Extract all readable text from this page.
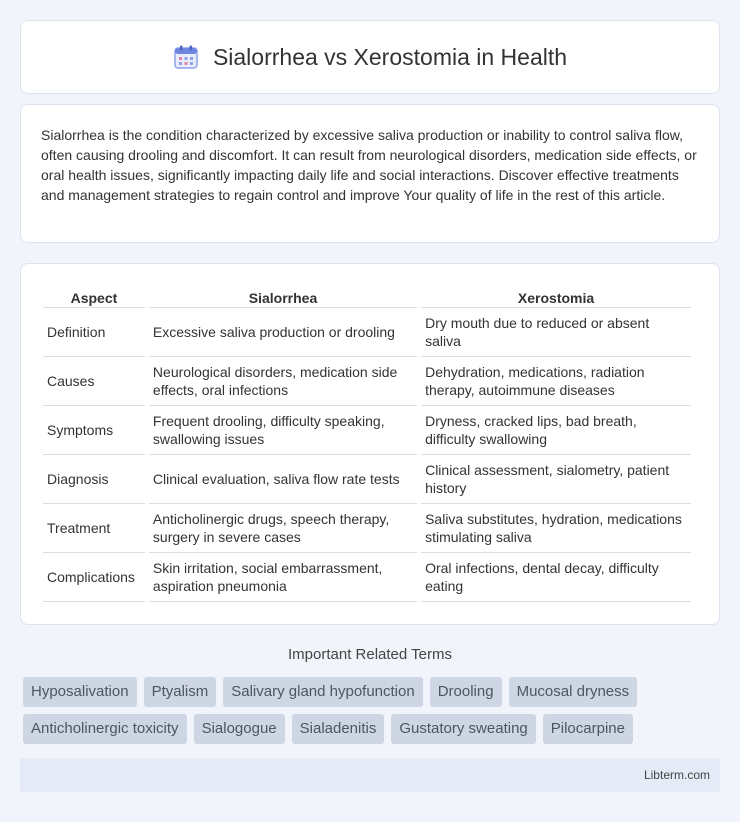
Sialorrhea vs Xerostomia in Health

Sialorrhea is the condition characterized by excessive saliva production or inability to control saliva flow, often causing drooling and discomfort. It can result from neurological disorders, medication side effects, or oral health issues, significantly impacting daily life and social interactions. Discover effective treatments and management strategies to regain control and improve Your quality of life in the rest of this article.

Aspect	Sialorrhea	Xerostomia
Definition	Excessive saliva production or drooling	Dry mouth due to reduced or absent saliva
Causes	Neurological disorders, medication side effects, oral infections	Dehydration, medications, radiation therapy, autoimmune diseases
Symptoms	Frequent drooling, difficulty speaking, swallowing issues	Dryness, cracked lips, bad breath, difficulty swallowing
Diagnosis	Clinical evaluation, saliva flow rate tests	Clinical assessment, sialometry, patient history
Treatment	Anticholinergic drugs, speech therapy, surgery in severe cases	Saliva substitutes, hydration, medications stimulating saliva
Complications	Skin irritation, social embarrassment, aspiration pneumonia	Oral infections, dental decay, difficulty eating
Important Related Terms
Hyposalivation	Ptyalism	Salivary gland hypofunction	Drooling	Mucosal dryness
Anticholinergic toxicity	Sialogogue	Sialadenitis	Gustatory sweating	Pilocarpine
Libterm.com
